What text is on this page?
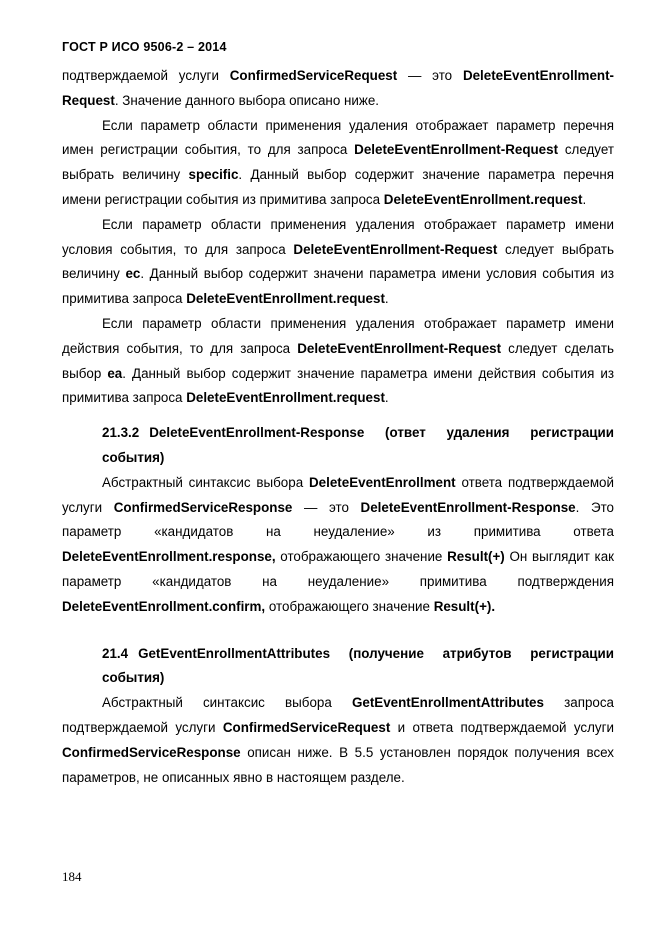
ГОСТ Р ИСО 9506-2 – 2014

подтверждаемой услуги ConfirmedServiceRequest — это DeleteEventEnrollment-Request. Значение данного выбора описано ниже.

Если параметр области применения удаления отображает параметр перечня имен регистрации события, то для запроса DeleteEventEnrollment-Request следует выбрать величину specific. Данный выбор содержит значение параметра перечня имени регистрации события из примитива запроса DeleteEventEnrollment.request.

Если параметр области применения удаления отображает параметр имени условия события, то для запроса DeleteEventEnrollment-Request следует выбрать величину ec. Данный выбор содержит значени параметра имени условия события из примитива запроса DeleteEventEnrollment.request.

Если параметр области применения удаления отображает параметр имени действия события, то для запроса DeleteEventEnrollment-Request следует сделать выбор ea. Данный выбор содержит значение параметра имени действия события из примитива запроса DeleteEventEnrollment.request.

21.3.2 DeleteEventEnrollment-Response (ответ удаления регистрации события)

Абстрактный синтаксис выбора DeleteEventEnrollment ответа подтверждаемой услуги ConfirmedServiceResponse — это DeleteEventEnrollment-Response. Это параметр «кандидатов на неудаление» из примитива ответа DeleteEventEnrollment.response, отображающего значение Result(+) Он выглядит как параметр «кандидатов на неудаление» примитива подтверждения DeleteEventEnrollment.confirm, отображающего значение Result(+).

21.4 GetEventEnrollmentAttributes (получение атрибутов регистрации события)

Абстрактный синтаксис выбора GetEventEnrollmentAttributes запроса подтверждаемой услуги ConfirmedServiceRequest и ответа подтверждаемой услуги ConfirmedServiceResponse описан ниже. В 5.5 установлен порядок получения всех параметров, не описанных явно в настоящем разделе.

184
